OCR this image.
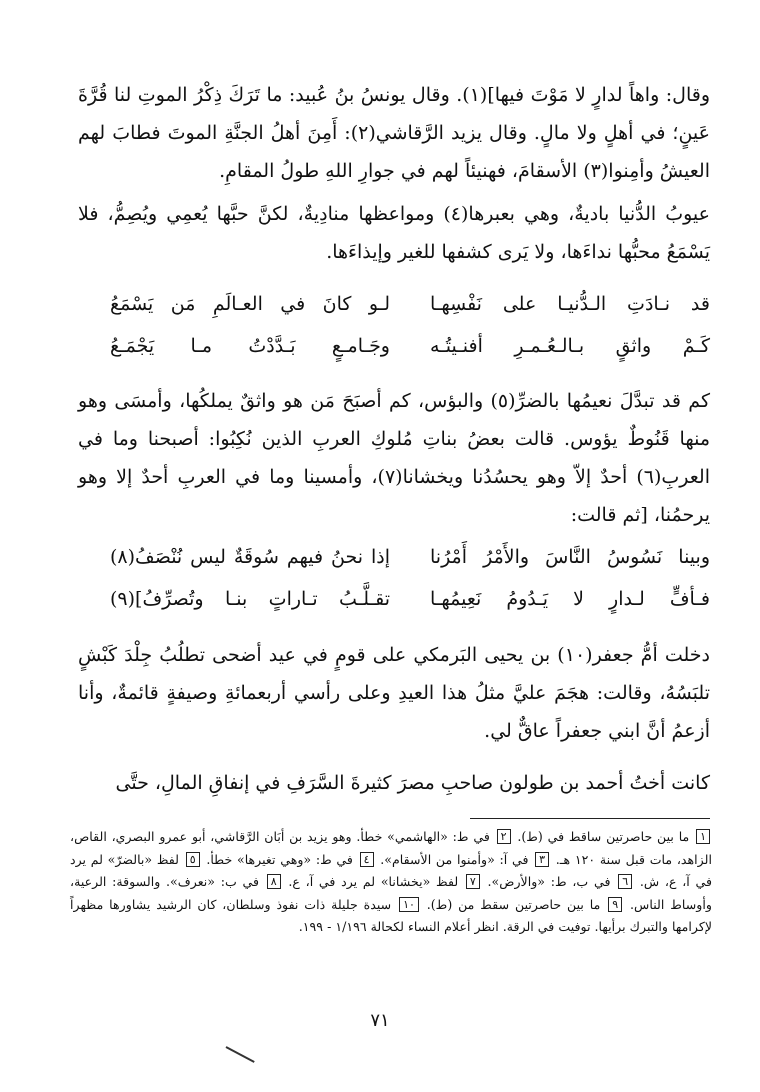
وقال: واهاً لدارٍ لا مَوْتَ فيها](١). وقال يونسُ بنُ عُبيد: ما تَرَكَ ذِكْرُ الموتِ لنا قُرَّةَ عَينٍ؛ في أهلٍ ولا مالٍ. وقال يزيد الرَّقاشي(٢): أَمِنَ أهلُ الجنَّةِ الموتَ فطابَ لهم العيشُ وأمِنوا(٣) الأسقامَ، فهنيئاً لهم في جوارِ اللهِ طولُ المقامِ.

عيوبُ الدُّنيا باديةٌ، وهي بعبرها(٤) ومواعظها منادِيةٌ، لكنَّ حبَّها يُعمِي ويُصِمُّ، فلا يَسْمَعُ محبُّها نداءَها، ولا يَرى كشفها للغير وإيذاءَها.

قد نـادَتِ الـدُّنيـا على نَفْسِهـا
لـو كانَ في العـالَمِ مَن يَسْمَعُ
كَـمْ واثقٍ بـالـعُـمـرِ أفنـيتُـه
وجَـامـعٍ بَـدَّدْتُ مـا يَجْمَـعُ

كم قد تبدَّلَ نعيمُها بالضرِّ(٥) والبؤس، كم أصبَحَ مَن هو واثقٌ يملكُها، وأمسَى وهو منها قَنُوطٌ يؤوس. قالت بعضُ بناتِ مُلوكِ العربِ الذين نُكِبُوا: أصبحنا وما في العربِ(٦) أحدٌ إلاّ وهو يحسُدُنا ويخشانا(٧)، وأمسينا وما في العربِ أحدٌ إلا وهو يرحمُنا، [ثم قالت:

وبينا نَسُوسُ النَّاسَ والأَمْرُ أَمْرُنا
إذا نحنُ فيهم سُوقَةٌ ليس نُنْصَفُ(٨)
فـأفٍّ لـدارٍ لا يَـدُومُ نَعِيمُهـا
تقـلَّـبُ تـاراتٍ بنـا وتُصرِّفُ](٩)

دخلت أمُّ جعفر(١٠) بن يحيى البَرمكي على قومٍ في عيد أضحى تطلُبُ جِلْدَ كَبْشٍ تلبَسُهُ، وقالت: هجَمَ عليَّ مثلُ هذا العيدِ وعلى رأسي أربعمائةِ وصيفةٍ قائمةٌ، وأنا أزعمُ أنَّ ابني جعفراً عاقٌّ لي.

كانت أختُ أحمد بن طولون صاحبِ مصرَ كثيرةَ السَّرَفِ في إنفاقِ المالِ، حتَّى

١ ما بين حاصرتين ساقط في (ط). ٢ في ط: «الهاشمي» خطأ. وهو يزيد بن أبَان الرَّقاشي، أبو عمرو البصري، القاص، الزاهد، مات قبل سنة ١٢٠ هـ. ٣ في آ: «وأمنوا من الأسقام». ٤ في ط: «وهي تغيرها» خطأ. ٥ لفظ «بالضرّ» لم يرد في آ، ع، ش. ٦ في ب، ط: «والأرض». ٧ لفظ «يخشانا» لم يرد في آ، ع. ٨ في ب: «نعرف». والسوقة: الرعية، وأوساط الناس. ٩ ما بين حاصرتين سقط من (ط). ١٠ سيدة جليلة ذات نفوذ وسلطان، كان الرشيد يشاورها مظهراً لإكرامها والتبرك برأيها. توفيت في الرقة. انظر أعلام النساء لكحالة ١/١٩٦ - ١٩٩.

٧١
